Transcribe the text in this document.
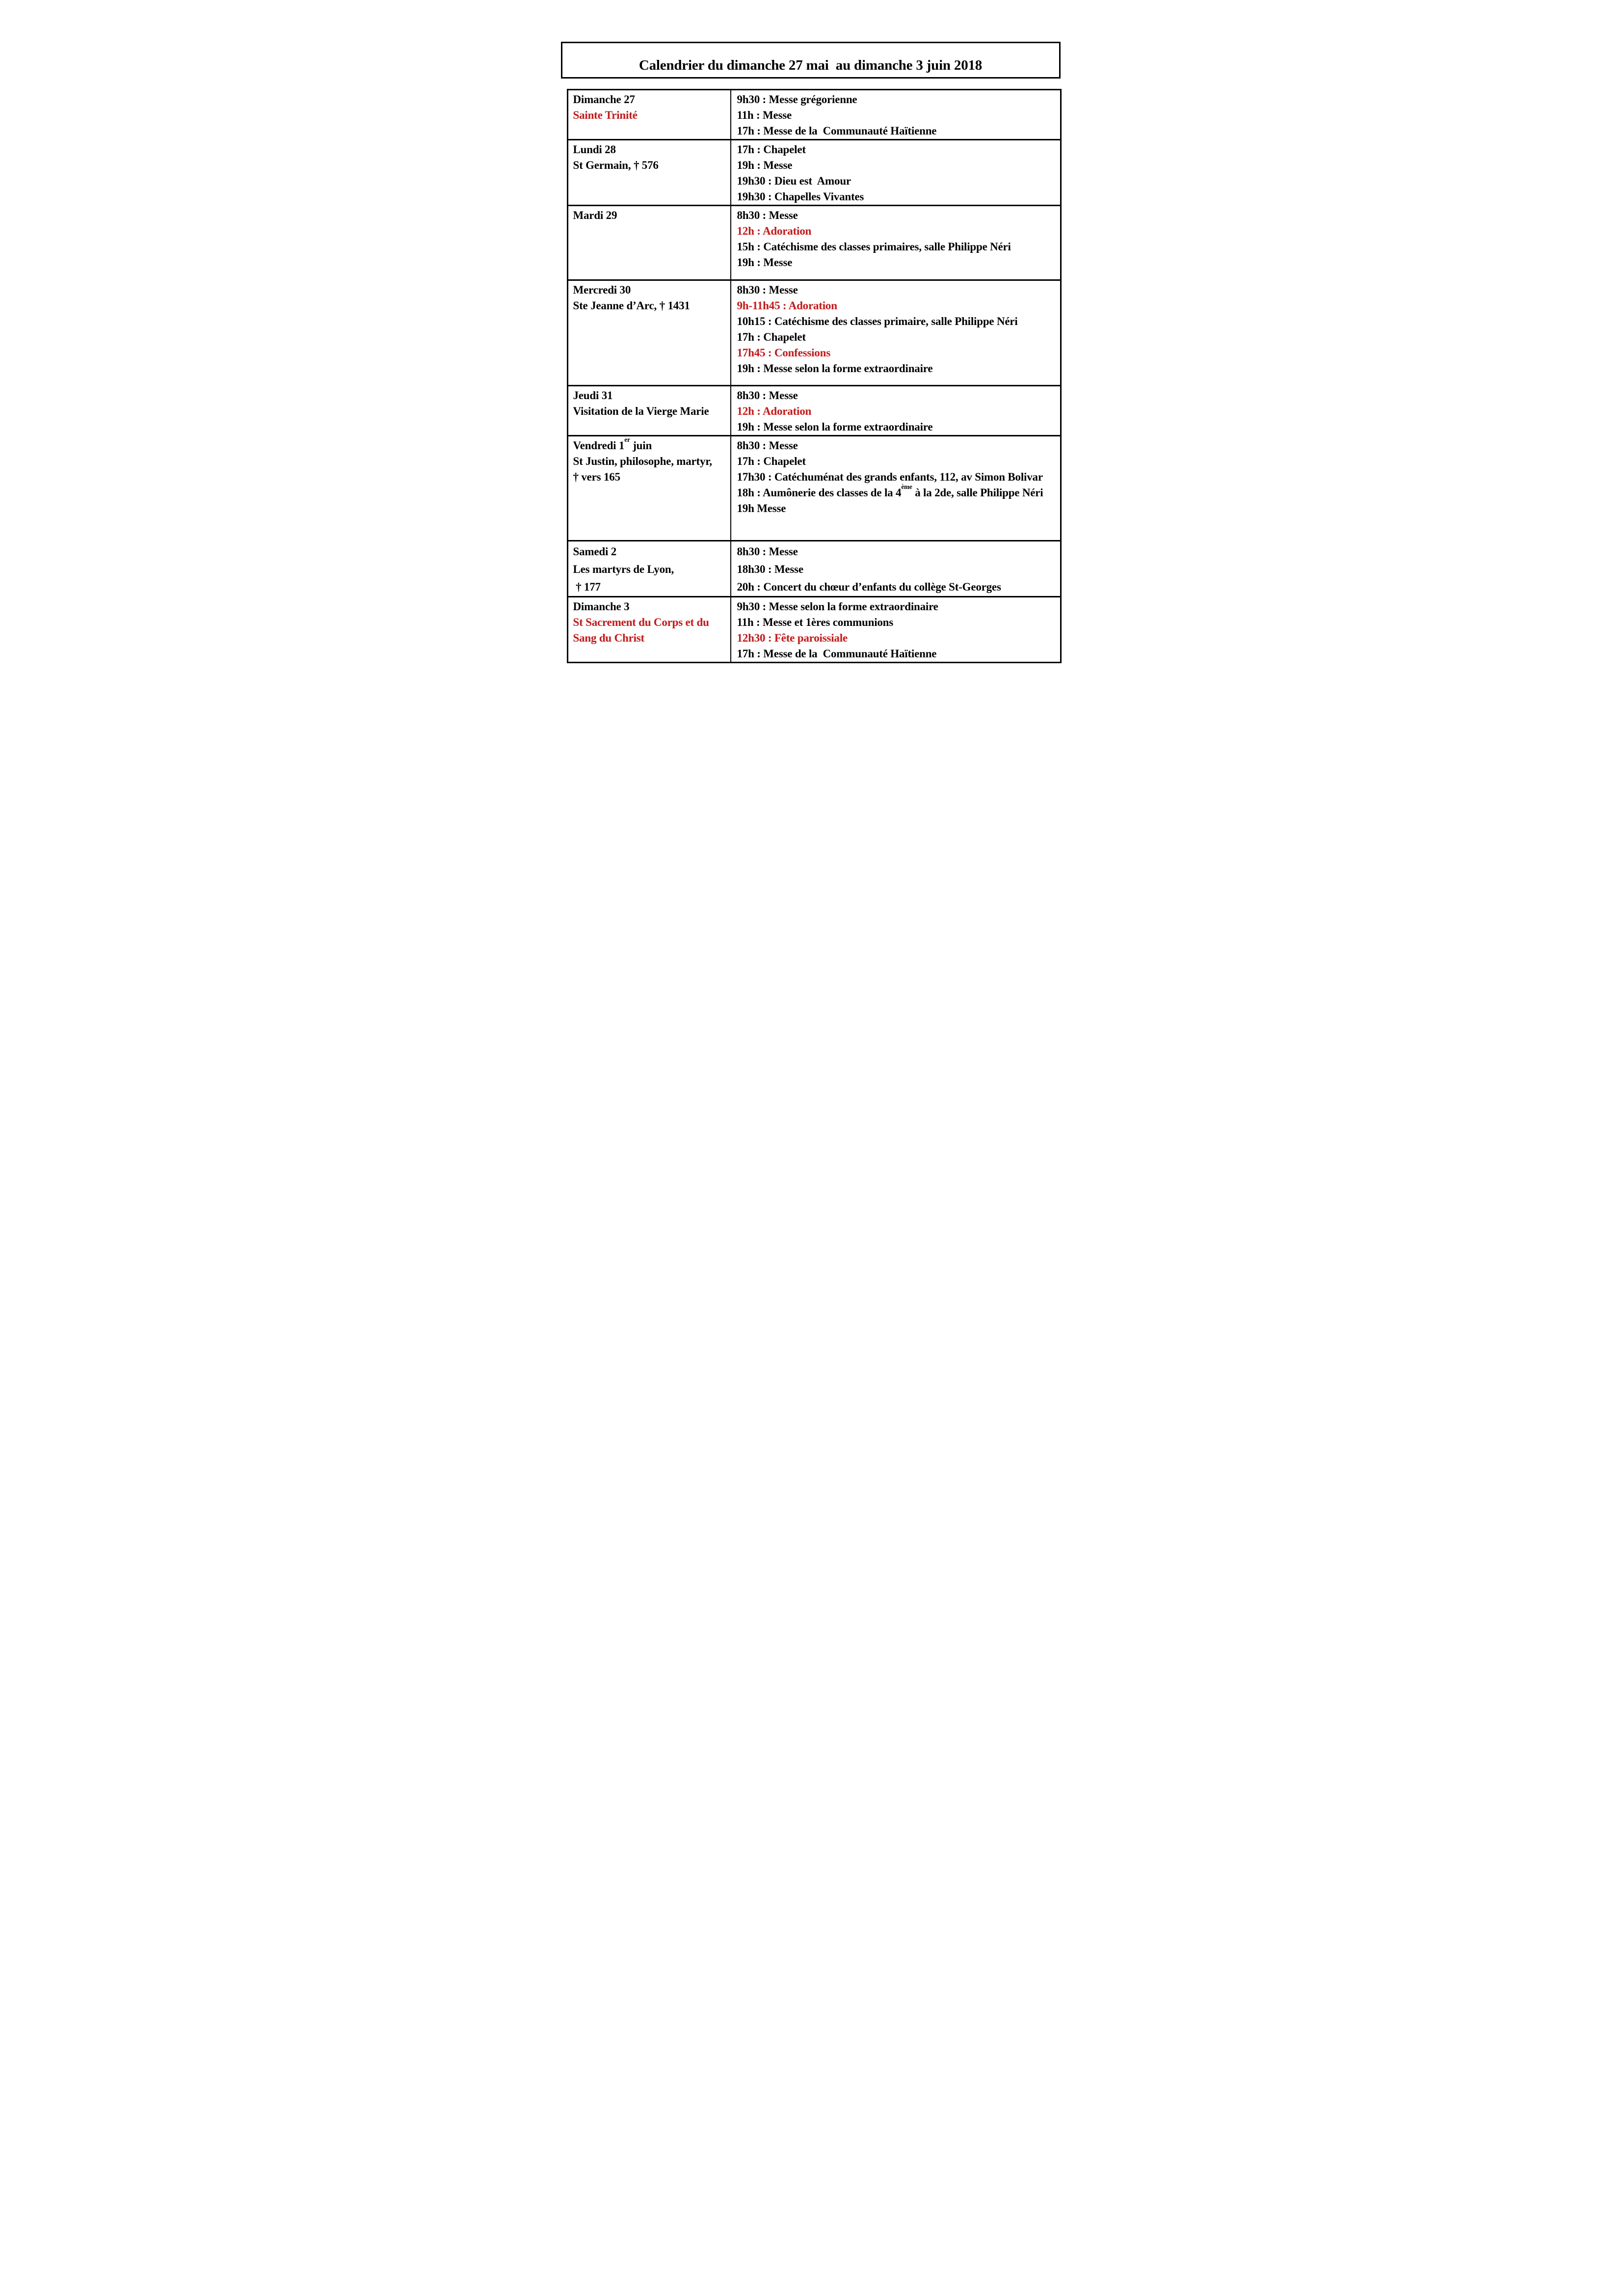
Calendrier du dimanche 27 mai  au dimanche 3 juin 2018
Dimanche 27
Sainte Trinité
9h30 : Messe grégorienne
11h : Messe
17h : Messe de la  Communauté Haïtienne
Lundi 28
St Germain, † 576
17h : Chapelet
19h : Messe
19h30 : Dieu est  Amour
19h30 : Chapelles Vivantes
Mardi 29	8h30 : Messe
12h : Adoration
15h : Catéchisme des classes primaires, salle Philippe Néri
19h : Messe
Mercredi 30
Ste Jeanne d’Arc, † 1431
8h30 : Messe
9h-11h45 : Adoration
10h15 : Catéchisme des classes primaire, salle Philippe Néri
17h : Chapelet
17h45 : Confessions
19h : Messe selon la forme extraordinaire
Jeudi 31
Visitation de la Vierge Marie
8h30 : Messe
12h : Adoration
19h : Messe selon la forme extraordinaire
Vendredi 1er juin
St Justin, philosophe, martyr, † vers 165
8h30 : Messe
17h : Chapelet
17h30 : Catéchuménat des grands enfants, 112, av Simon Bolivar
18h : Aumônerie des classes de la 4ème à la 2de, salle Philippe Néri
19h Messe
Samedi 2
Les martyrs de Lyon,
† 177
8h30 : Messe
18h30 : Messe
20h : Concert du chœur d’enfants du collège St-Georges
Dimanche 3
St Sacrement du Corps et du Sang du Christ
9h30 : Messe selon la forme extraordinaire
11h : Messe et 1ères communions
12h30 : Fête paroissiale
17h : Messe de la  Communauté Haïtienne
